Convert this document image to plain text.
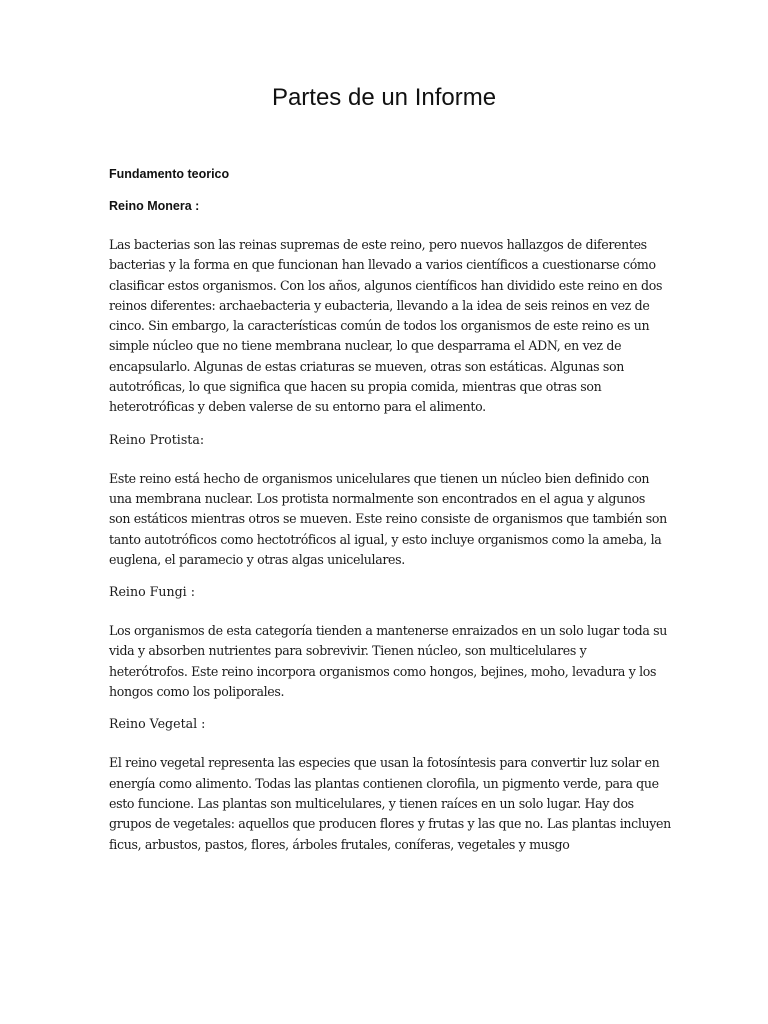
Partes de un Informe

Fundamento teorico

Reino Monera :

Las bacterias son las reinas supremas de este reino, pero nuevos hallazgos de diferentes
bacterias y la forma en que funcionan han llevado a varios científicos a cuestionarse cómo
clasificar estos organismos. Con los años, algunos científicos han dividido este reino en dos
reinos diferentes: archaebacteria y eubacteria, llevando a la idea de seis reinos en vez de
cinco. Sin embargo, la características común de todos los organismos de este reino es un
simple núcleo que no tiene membrana nuclear, lo que desparrama el ADN, en vez de
encapsularlo. Algunas de estas criaturas se mueven, otras son estáticas. Algunas son
autotróficas, lo que significa que hacen su propia comida, mientras que otras son
heterotróficas y deben valerse de su entorno para el alimento.

Reino Protista:

Este reino está hecho de organismos unicelulares que tienen un núcleo bien definido con
una membrana nuclear. Los protista normalmente son encontrados en el agua y algunos
son estáticos mientras otros se mueven. Este reino consiste de organismos que también son
tanto autotróficos como hectotróficos al igual, y esto incluye organismos como la ameba, la
euglena, el paramecio y otras algas unicelulares.

Reino Fungi :

Los organismos de esta categoría tienden a mantenerse enraizados en un solo lugar toda su
vida y absorben nutrientes para sobrevivir. Tienen núcleo, son multicelulares y
heterótrofos. Este reino incorpora organismos como hongos, bejines, moho, levadura y los
hongos como los poliporales.

Reino Vegetal :

El reino vegetal representa las especies que usan la fotosíntesis para convertir luz solar en
energía como alimento. Todas las plantas contienen clorofila, un pigmento verde, para que
esto funcione. Las plantas son multicelulares, y tienen raíces en un solo lugar. Hay dos
grupos de vegetales: aquellos que producen flores y frutas y las que no. Las plantas incluyen
ficus, arbustos, pastos, flores, árboles frutales, coníferas, vegetales y musgo
